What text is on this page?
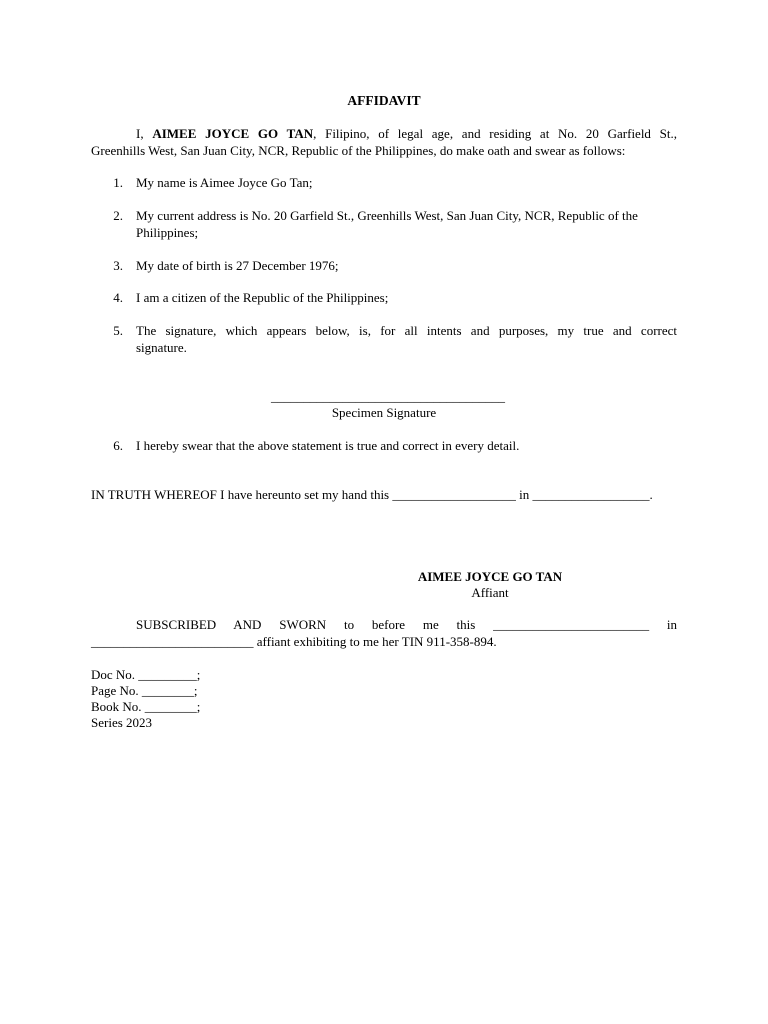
AFFIDAVIT
I, AIMEE JOYCE GO TAN, Filipino, of legal age, and residing at No. 20 Garfield St.,
Greenhills West, San Juan City, NCR, Republic of the Philippines, do make oath and swear as follows:
1. My name is Aimee Joyce Go Tan;
2. My current address is No. 20 Garfield St., Greenhills West, San Juan City, NCR, Republic of the
Philippines;
3. My date of birth is 27 December 1976;
4. I am a citizen of the Republic of the Philippines;
5. The signature, which appears below, is, for all intents and purposes, my true and correct
signature.
____________________________________
Specimen Signature
6. I hereby swear that the above statement is true and correct in every detail.
IN TRUTH WHEREOF I have hereunto set my hand this ___________________ in __________________.
AIMEE JOYCE GO TAN
Affiant
SUBSCRIBED AND SWORN to before me this ________________________ in
_________________________ affiant exhibiting to me her TIN 911-358-894.
Doc No. _________;
Page No. ________;
Book No. ________;
Series 2023
